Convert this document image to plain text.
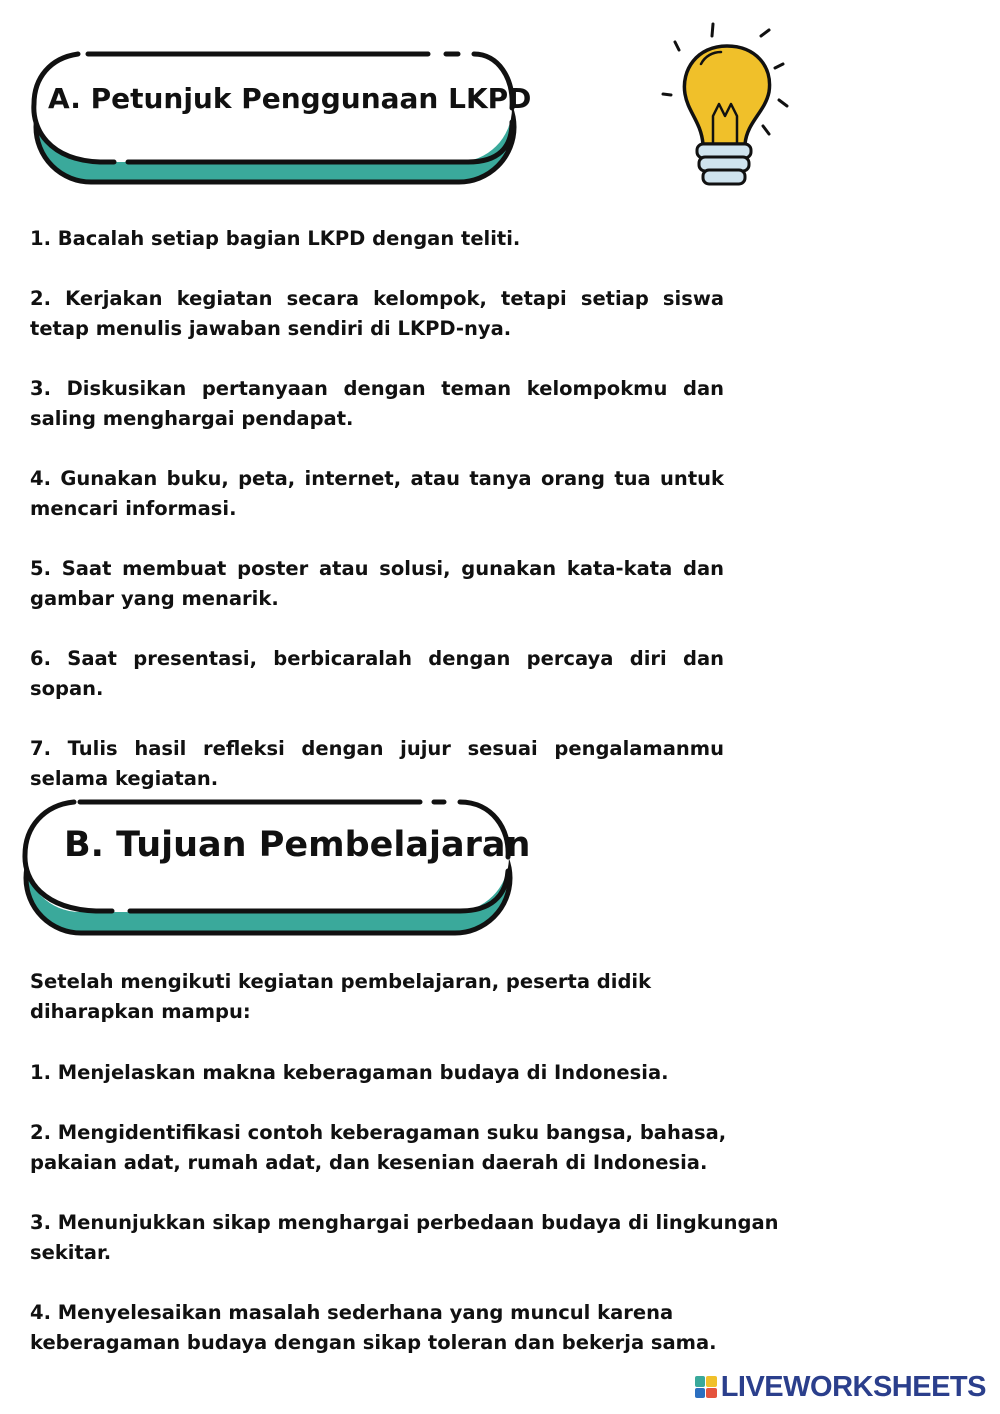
A. Petunjuk Penggunaan LKPD

1. Bacalah setiap bagian LKPD dengan teliti.

2. Kerjakan kegiatan secara kelompok, tetapi setiap siswa tetap menulis jawaban sendiri di LKPD-nya.

3. Diskusikan pertanyaan dengan teman kelompokmu dan saling menghargai pendapat.

4. Gunakan buku, peta, internet, atau tanya orang tua untuk mencari informasi.

5. Saat membuat poster atau solusi, gunakan kata-kata dan gambar yang menarik.

6. Saat presentasi, berbicaralah dengan percaya diri dan sopan.

7. Tulis hasil refleksi dengan jujur sesuai pengalamanmu selama kegiatan.

B. Tujuan Pembelajaran

Setelah mengikuti kegiatan pembelajaran, peserta didik diharapkan mampu:

1. Menjelaskan makna keberagaman budaya di Indonesia.

2. Mengidentifikasi contoh keberagaman suku bangsa, bahasa, pakaian adat, rumah adat, dan kesenian daerah di Indonesia.

3. Menunjukkan sikap menghargai perbedaan budaya di lingkungan sekitar.

4. Menyelesaikan masalah sederhana yang muncul karena keberagaman budaya dengan sikap toleran dan bekerja sama.

LIVEWORKSHEETS
